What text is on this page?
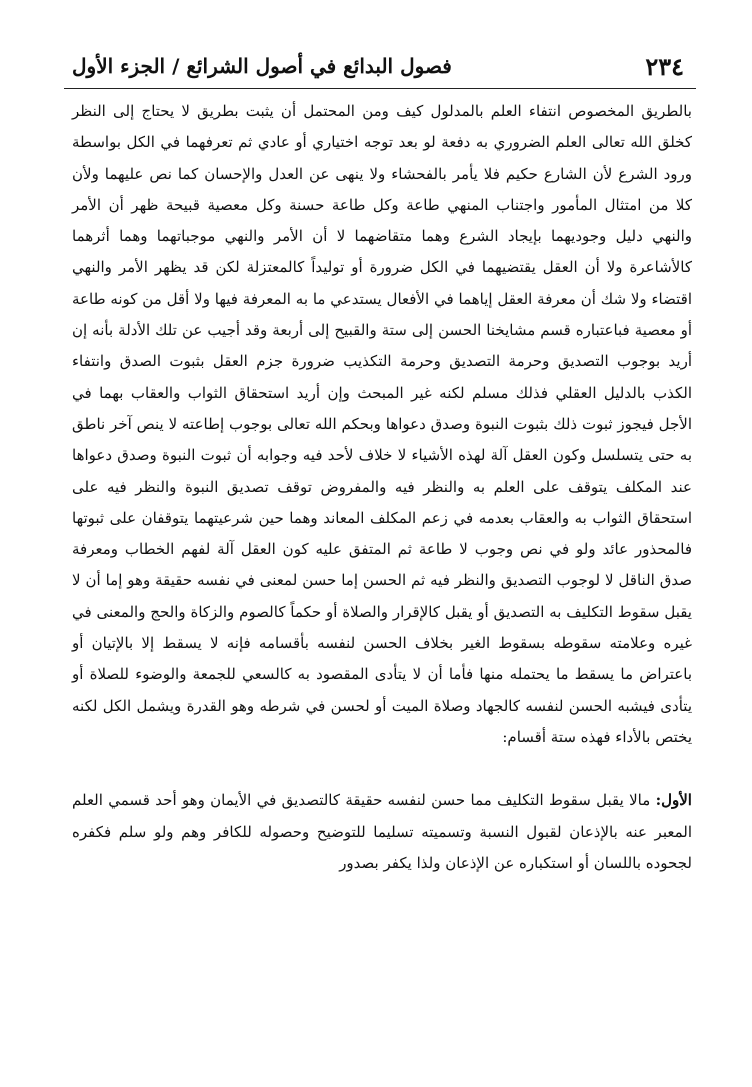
٢٣٤
فصول البدائع في أصول الشرائع / الجزء الأول

بالطريق المخصوص انتفاء العلم بالمدلول كيف ومن المحتمل أن يثبت بطريق لا يحتاج إلى النظر كخلق الله تعالى العلم الضروري به دفعة لو بعد توجه اختياري أو عادي ثم تعرفهما في الكل بواسطة ورود الشرع لأن الشارع حكيم فلا يأمر بالفحشاء ولا ينهى عن العدل والإحسان كما نص عليهما ولأن كلا من امتثال المأمور واجتناب المنهي طاعة وكل طاعة حسنة وكل معصية قبيحة ظهر أن الأمر والنهي دليل وجوديهما بإيجاد الشرع وهما متقاضهما لا أن الأمر والنهي موجباتهما وهما أثرهما كالأشاعرة ولا أن العقل يقتضيهما في الكل ضرورة أو توليداً كالمعتزلة لكن قد يظهر الأمر والنهي اقتضاء ولا شك أن معرفة العقل إياهما في الأفعال يستدعي ما به المعرفة فيها ولا أقل من كونه طاعة أو معصية فباعتباره قسم مشايخنا الحسن إلى ستة والقبيح إلى أربعة وقد أجيب عن تلك الأدلة بأنه إن أريد بوجوب التصديق وحرمة التصديق وحرمة التكذيب ضرورة جزم العقل بثبوت الصدق وانتفاء الكذب بالدليل العقلي فذلك مسلم لكنه غير المبحث وإن أريد استحقاق الثواب والعقاب بهما في الأجل فيجوز ثبوت ذلك بثبوت النبوة وصدق دعواها وبحكم الله تعالى بوجوب إطاعته لا ينص آخر ناطق به حتى يتسلسل وكون العقل آلة لهذه الأشياء لا خلاف لأحد فيه وجوابه أن ثبوت النبوة وصدق دعواها عند المكلف يتوقف على العلم به والنظر فيه والمفروض توقف تصديق النبوة والنظر فيه على استحقاق الثواب به والعقاب بعدمه في زعم المكلف المعاند وهما حين شرعيتهما يتوقفان على ثبوتها فالمحذور عائد ولو في نص وجوب لا طاعة ثم المتفق عليه كون العقل آلة لفهم الخطاب ومعرفة صدق الناقل لا لوجوب التصديق والنظر فيه ثم الحسن إما حسن لمعنى في نفسه حقيقة وهو إما أن لا يقبل سقوط التكليف به التصديق أو يقبل كالإقرار والصلاة أو حكماً كالصوم والزكاة والحج والمعنى في غيره وعلامته سقوطه بسقوط الغير بخلاف الحسن لنفسه بأقسامه فإنه لا يسقط إلا بالإتيان أو باعتراض ما يسقط ما يحتمله منها فأما أن لا يتأدى المقصود به كالسعي للجمعة والوضوء للصلاة أو يتأدى فيشبه الحسن لنفسه كالجهاد وصلاة الميت أو لحسن في شرطه وهو القدرة ويشمل الكل لكنه يختص بالأداء فهذه ستة أقسام:

الأول: مالا يقبل سقوط التكليف مما حسن لنفسه حقيقة كالتصديق في الأيمان وهو أحد قسمي العلم المعبر عنه بالإذعان لقبول النسبة وتسميته تسليما للتوضيح وحصوله للكافر وهم ولو سلم فكفره لجحوده باللسان أو استكباره عن الإذعان ولذا يكفر بصدور
